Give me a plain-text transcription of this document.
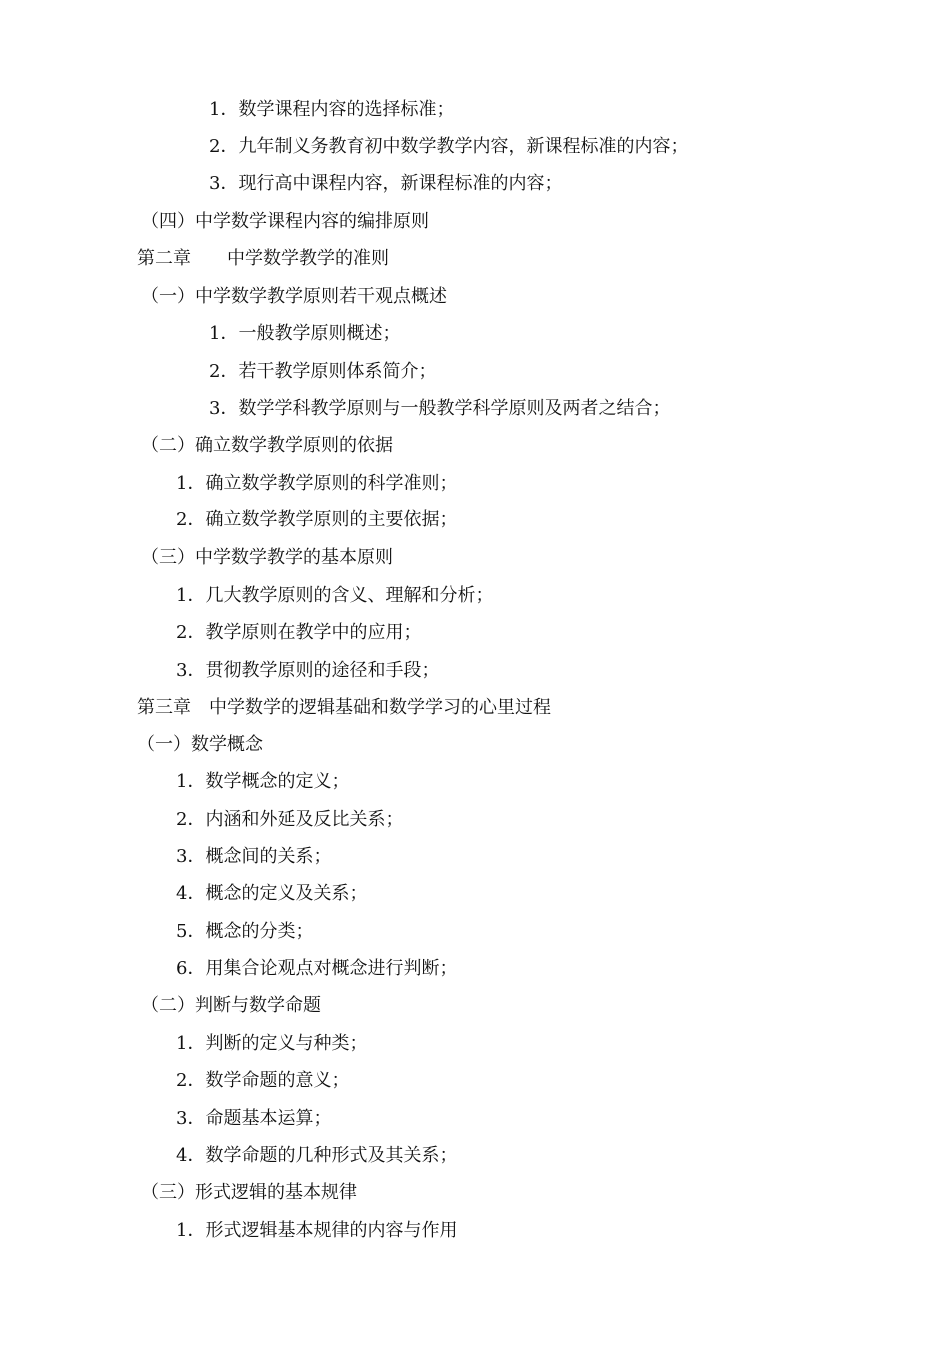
1．数学课程内容的选择标准；
2．九年制义务教育初中数学教学内容，新课程标准的内容；
3．现行高中课程内容，新课程标准的内容；
（四）中学数学课程内容的编排原则
第二章　　中学数学教学的准则
（一）中学数学教学原则若干观点概述
1．一般教学原则概述；
2．若干教学原则体系简介；
3．数学学科教学原则与一般教学科学原则及两者之结合；
（二）确立数学教学原则的依据
1．确立数学教学原则的科学准则；
2．确立数学教学原则的主要依据；
（三）中学数学教学的基本原则
1．几大教学原则的含义、理解和分析；
2．教学原则在教学中的应用；
3．贯彻教学原则的途径和手段；
第三章　中学数学的逻辑基础和数学学习的心里过程
（一）数学概念
1．数学概念的定义；
2．内涵和外延及反比关系；
3．概念间的关系；
4．概念的定义及关系；
5．概念的分类；
6．用集合论观点对概念进行判断；
（二）判断与数学命题
1．判断的定义与种类；
2．数学命题的意义；
3．命题基本运算；
4．数学命题的几种形式及其关系；
（三）形式逻辑的基本规律
1．形式逻辑基本规律的内容与作用
